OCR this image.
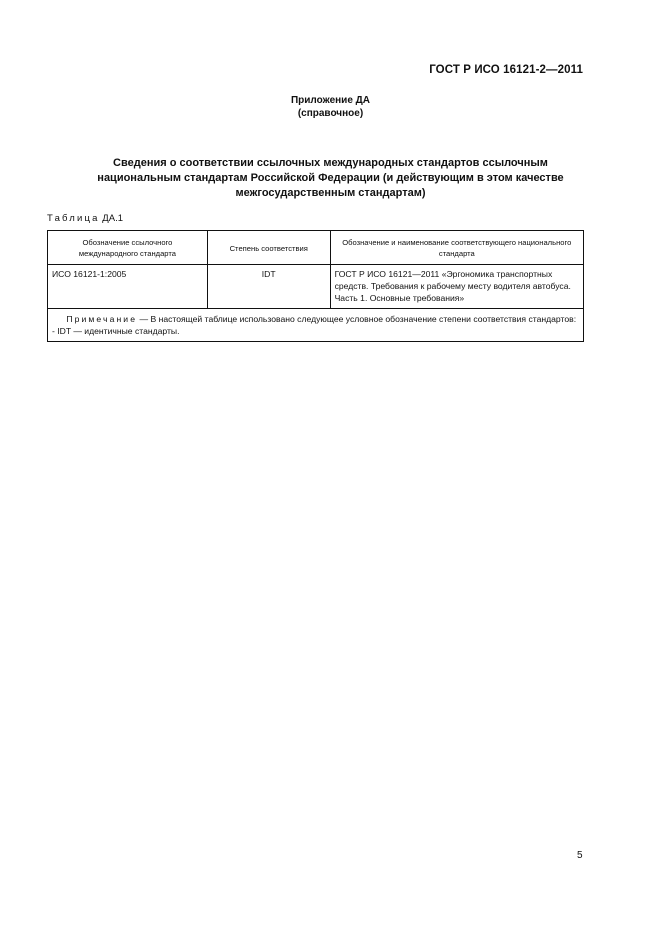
ГОСТ Р ИСО 16121-2—2011
Приложение ДА
(справочное)
Сведения о соответствии ссылочных международных стандартов ссылочным
национальным стандартам Российской Федерации (и действующим в этом качестве
межгосударственным стандартам)
Таблица ДА.1
Обозначение ссылочного международного стандарта	Степень соответствия	Обозначение и наименование соответствующего национального стандарта
ИСО 16121-1:2005	IDT	ГОСТ Р ИСО 16121—2011 «Эргономика транспортных средств. Требования к рабочему месту водителя автобуса. Часть 1. Основные требования»

Примечание — В настоящей таблице использовано следующее условное обозначение степени соответствия стандартов:
- IDT — идентичные стандарты.		
5
